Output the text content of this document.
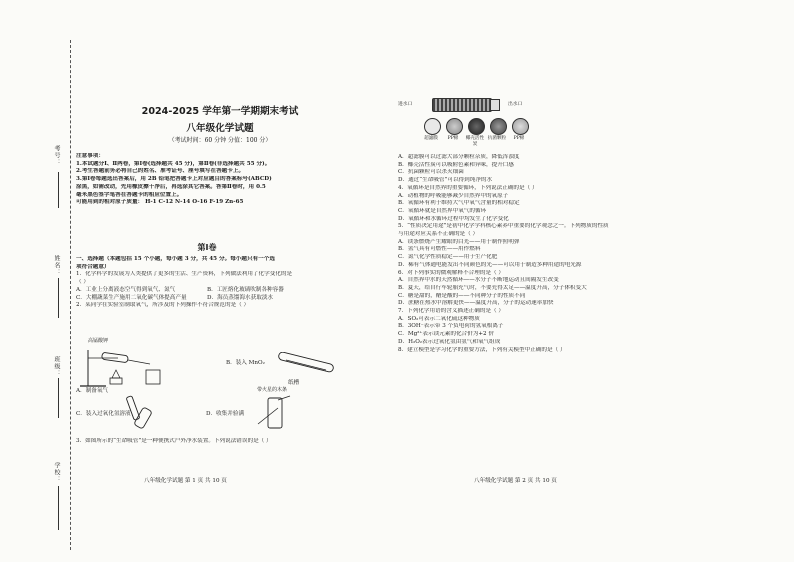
考号：
姓名：
班级：
学校：
2024-2025 学年第一学期期末考试
八年级化学试题
（考试时间：60 分钟 分值：100 分）
注意事项：
1.本试题分Ⅰ、Ⅱ两卷，第Ⅰ卷(选择题共 45 分)，第Ⅱ卷(非选择题共 55 分)。
2.考生答题前务必将自己的姓名、准考证号、座号填写在答题卡上。
3.第Ⅰ卷每题选出答案后，用 2B 铅笔把答题卡上对应题目的答案标号(ABCD)
涂黑，如需改动，先用橡皮擦干净后，再选涂其它答案。答第Ⅱ卷时，用 0.5
毫米黑色签字笔答在答题卡的相应位置上。
可能用到的相对原子质量： H-1 C-12 N-14 O-16 F-19 Zn-65
第Ⅰ卷
一、选择题（本题包括 15 个小题，每小题 3 分，共 45 分。每小题只有一个选
项符合题意）
1．化学科学的发展为人类提供了更多的生活、生产资料，下列做法利用了化学变化的是
（ ）
A．工业上分离液态空气得到氧气、氮气	B．工匠熔化玻璃吹制各种容器
C．大棚蔬菜生产施用二氧化碳气体提高产量	D．海员蒸馏海水获取淡水
2．某同学在实验室制取氧气，所涉及的下列操作不符合规范的是（ ）
高锰酸钾
A．制备氧气
B．装入 MnO₂
纸槽
C．装入过氧化氢溶液
带火星的木条
D．收集并验满
3．如图所示的“生命吸管”是一种便携式户外净水装置。下列说法错误的是（ ）
八年级化学试题 第 1 页 共 10 页
进水口	出水口
超滤膜	PP棉	椰壳活性炭
抗菌颗粒	PP棉
A．超滤膜可以过滤大部分颗粒杂质，降低浑浊度
B．椰壳活性炭可以吸附色素和异味，提升口感
C．抗菌颗粒可以杀灭细菌
D．通过“生命吸管”可以得到纯净的水
4．氧循环是自然界的重要循环，下列说法正确的是（ ）
A．动植物的呼吸能够减少自然界中的氧原子
B．氧循环有利于维持大气中氧气含量的相对稳定
C．氧循环就是自然界中氧气的循环
D．氧循环和水循环过程中均发生了化学变化
5．“性质决定用途”是初中化学学科核心素养中重要的化学观念之一。下列物质的性质
与用途对应关系不正确的是（ ）
A．镁条燃烧产生耀眼的白光——用于制作照明弹
B．氢气具有可燃性——用作燃料
C．氮气化学性质稳定——用于生产化肥
D．稀有气体通电能发出不同颜色的光——可以用于制造多种用途的电光源
6．对下列事实的微观解释不合理的是（ ）
A．自然界中水的天然循环——水分子不断地运动且间隔发生改变
B．夏天，给自行车轮胎充气时，不要充得太足——温度升高，分子体积变大
C．糖是甜的，醋是酸的——不同种分子的性质不同
D．蔗糖在热水中溶解更快——温度升高，分子的运动速率加快
7．下列化学用语的含义描述正确的是（ ）
A．SO₂可表示二氧化硫这种物质
B．3OH⁻表示带 3 个负电荷的氢氧根离子
C．Mg²⁺表示镁元素的化合价为+2 价
D．H₂O₂表示过氧化氢由氢气和氧气组成
8．建立模型是学习化学的重要方法，下列有关模型中正确的是（ ）
八年级化学试题 第 2 页 共 10 页
